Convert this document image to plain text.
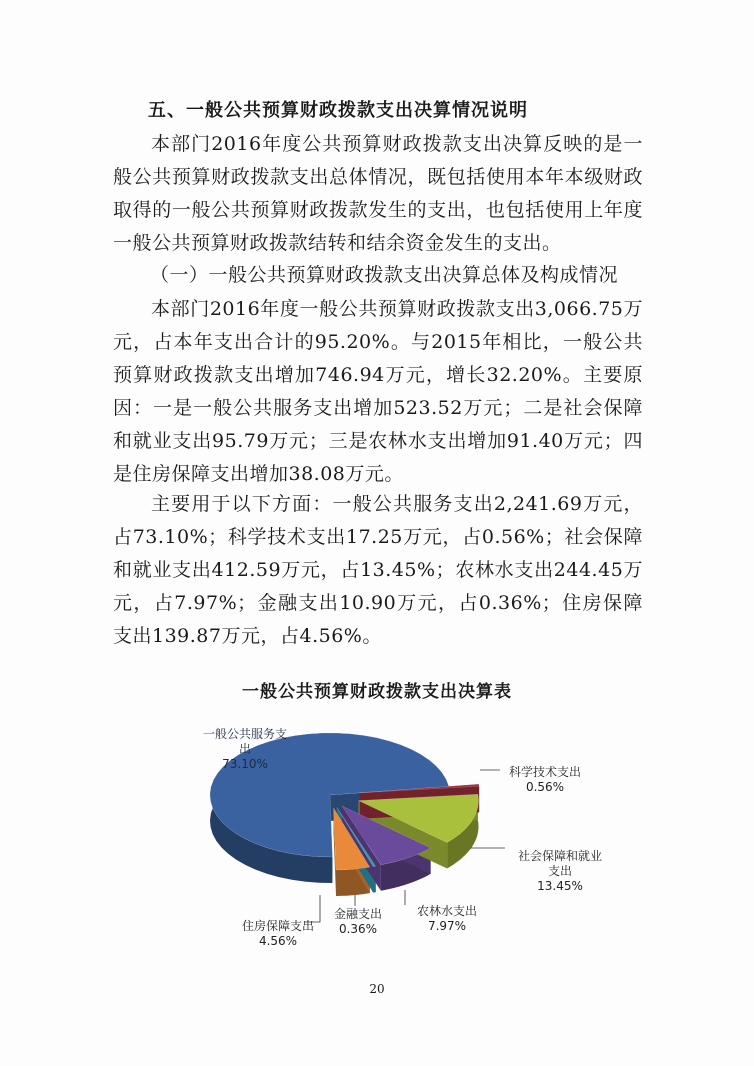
五、一般公共预算财政拨款支出决算情况说明
本部门2016年度公共预算财政拨款支出决算反映的是一般公共预算财政拨款支出总体情况，既包括使用本年本级财政取得的一般公共预算财政拨款发生的支出，也包括使用上年度一般公共预算财政拨款结转和结余资金发生的支出。
（一）一般公共预算财政拨款支出决算总体及构成情况
本部门2016年度一般公共预算财政拨款支出3,066.75万元，占本年支出合计的95.20%。与2015年相比，一般公共预算财政拨款支出增加746.94万元，增长32.20%。主要原因：一是一般公共服务支出增加523.52万元；二是社会保障和就业支出95.79万元；三是农林水支出增加91.40万元；四是住房保障支出增加38.08万元。
主要用于以下方面：一般公共服务支出2,241.69万元，占73.10%；科学技术支出17.25万元，占0.56%；社会保障和就业支出412.59万元，占13.45%；农林水支出244.45万元，占7.97%；金融支出10.90万元，占0.36%；住房保障支出139.87万元，占4.56%。
一般公共预算财政拨款支出决算表
一般公共服务支
出
73.10%
科学技术支出
0.56%
社会保障和就业
支出
13.45%
农林水支出
7.97%
金融支出
0.36%
住房保障支出
4.56%
20
